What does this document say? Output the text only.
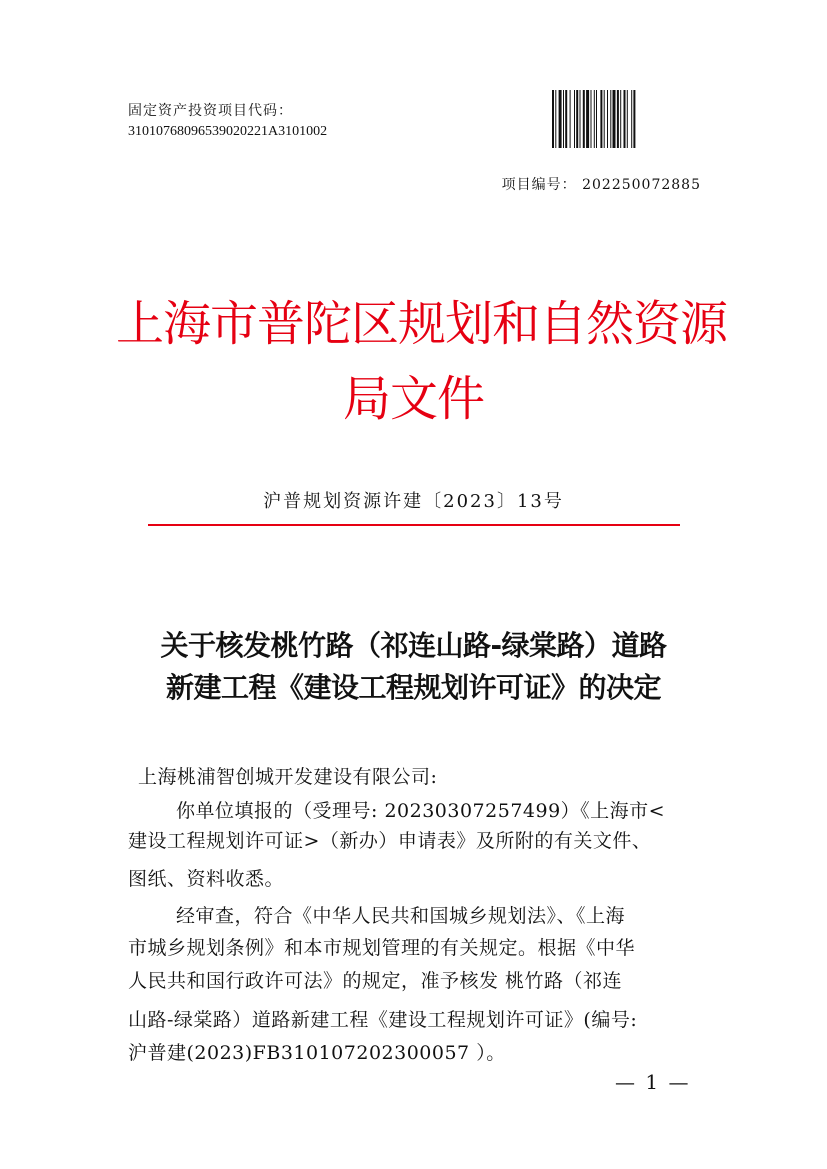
固定资产投资项目代码：
31010768096539020221A3101002
项目编号： 202250072885
上海市普陀区规划和自然资源
局文件
沪普规划资源许建〔2023〕13号
关于核发桃竹路（祁连山路-绿棠路）道路
新建工程《建设工程规划许可证》的决定
上海桃浦智创城开发建设有限公司:
你单位填报的（受理号: 20230307257499）《上海市<
建设工程规划许可证>（新办）申请表》及所附的有关文件、
图纸、资料收悉。
经审查，符合《中华人民共和国城乡规划法》、《上海
市城乡规划条例》和本市规划管理的有关规定。根据《中华
人民共和国行政许可法》的规定，准予核发 桃竹路（祁连
山路-绿棠路）道路新建工程《建设工程规划许可证》(编号:
沪普建(2023)FB310107202300057 ）。
— 1 —
